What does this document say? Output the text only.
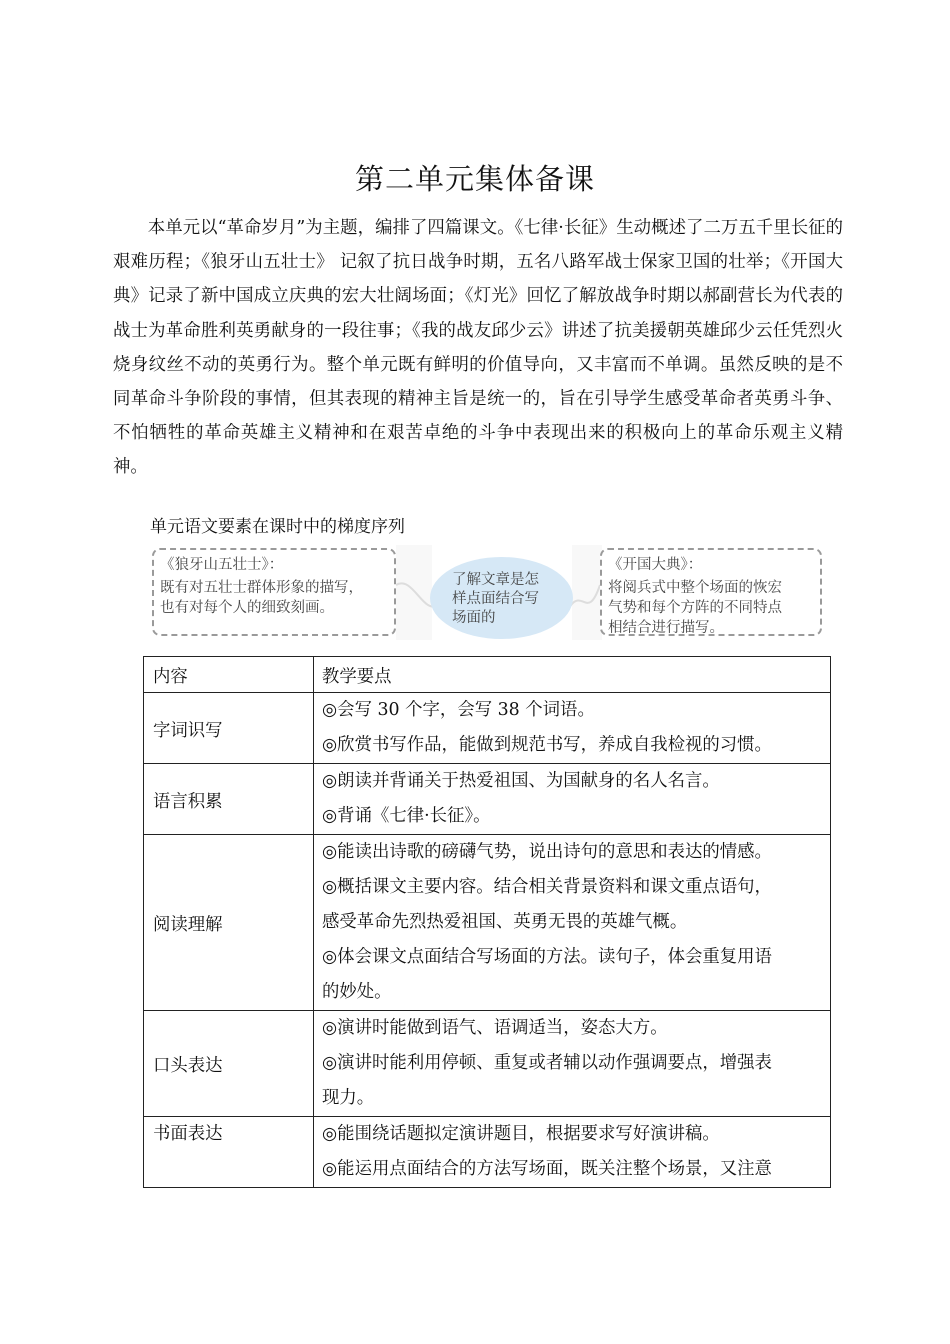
第二单元集体备课

本单元以“革命岁月”为主题，编排了四篇课文。《七律·长征》生动概述了二万五千里长征的艰难历程；《狼牙山五壮士》 记叙了抗日战争时期，五名八路军战士保家卫国的壮举；《开国大典》记录了新中国成立庆典的宏大壮阔场面；《灯光》回忆了解放战争时期以郝副营长为代表的战士为革命胜利英勇献身的一段往事；《我的战友邱少云》讲述了抗美援朝英雄邱少云任凭烈火烧身纹丝不动的英勇行为。整个单元既有鲜明的价值导向，又丰富而不单调。虽然反映的是不同革命斗争阶段的事情，但其表现的精神主旨是统一的，旨在引导学生感受革命者英勇斗争、不怕牺牲的革命英雄主义精神和在艰苦卓绝的斗争中表现出来的积极向上的革命乐观主义精神。

单元语文要素在课时中的梯度序列
《狼牙山五壮士》：
既有对五壮士群体形象的描写，
也有对每个人的细致刻画。
了解文章是怎
样点面结合写
场面的
《开国大典》：
将阅兵式中整个场面的恢宏
气势和每个方阵的不同特点
相结合进行描写。
内容	教学要点
字词识写	◎会写 30 个字，会写 38 个词语。
◎欣赏书写作品，能做到规范书写，养成自我检视的习惯。

语言积累	◎朗读并背诵关于热爱祖国、为国献身的名人名言。
◎背诵《七律·长征》。

阅读理解	◎能读出诗歌的磅礴气势，说出诗句的意思和表达的情感。
◎概括课文主要内容。结合相关背景资料和课文重点语句，
感受革命先烈热爱祖国、英勇无畏的英雄气概。
◎体会课文点面结合写场面的方法。读句子，体会重复用语
的妙处。

口头表达	◎演讲时能做到语气、语调适当，姿态大方。
◎演讲时能利用停顿、重复或者辅以动作强调要点，增强表
现力。

书面表达	◎能围绕话题拟定演讲题目，根据要求写好演讲稿。
◎能运用点面结合的方法写场面，既关注整个场景，又注意
